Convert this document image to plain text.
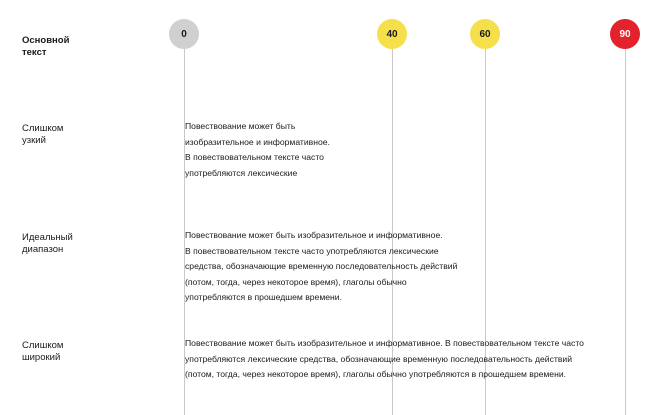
0	40	60	90
Основной
текст
Слишком
узкий
Повествование может быть
изобразительное и информативное.
В повествовательном тексте часто
употребляются лексические
Идеальный
диапазон
Повествование может быть изобразительное и информативное.
В повествовательном тексте часто употребляются лексические
средства, обозначающие временную последовательность действий
(потом, тогда, через некоторое время), глаголы обычно
употребляются в прошедшем времени.
Слишком
широкий
Повествование может быть изобразительное и информативное. В повествовательном тексте часто
употребляются лексические средства, обозначающие временную последовательность действий
(потом, тогда, через некоторое время), глаголы обычно употребляются в прошедшем времени.
